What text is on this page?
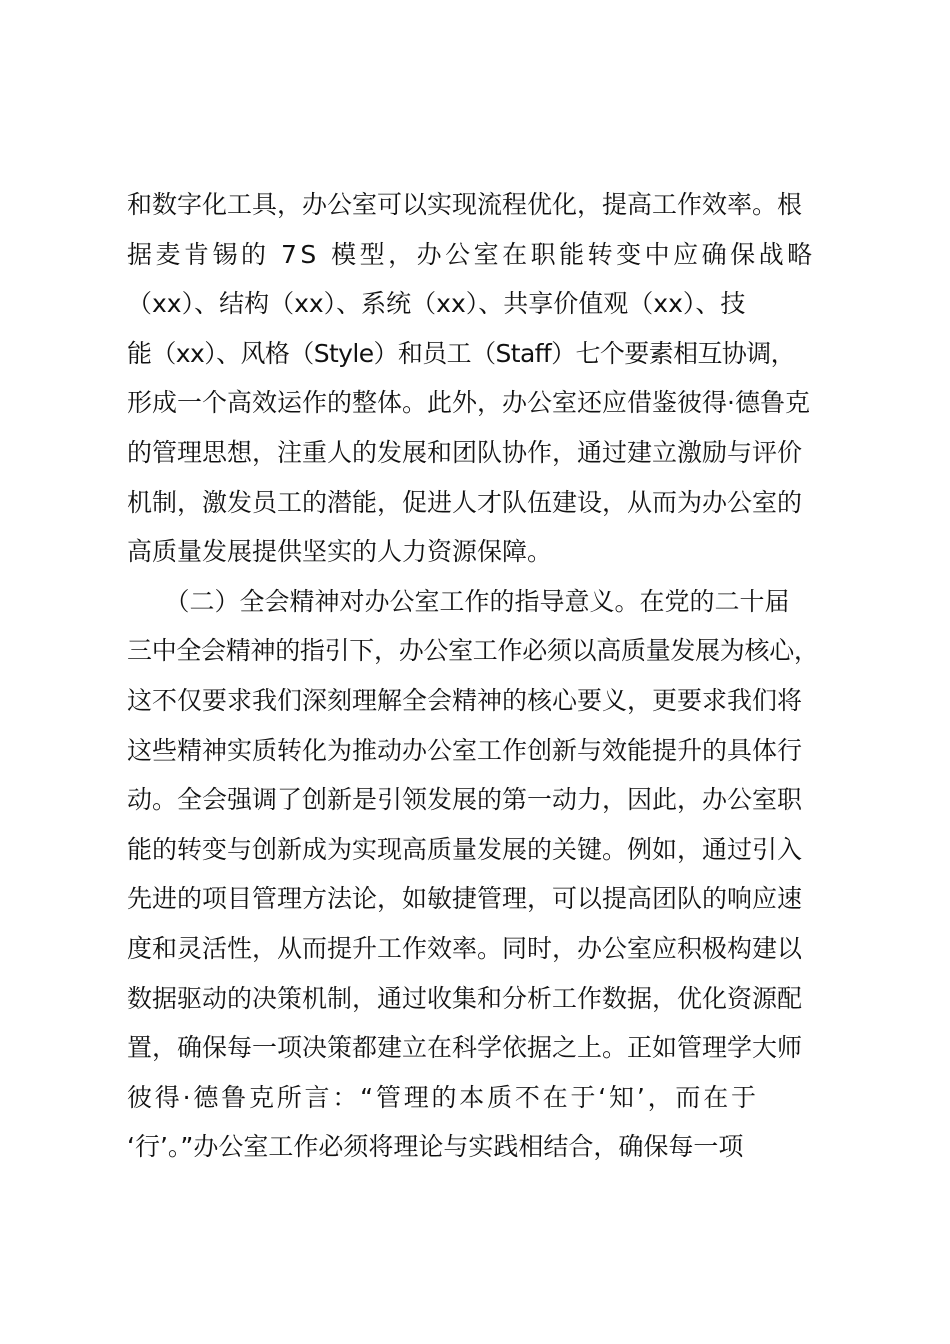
和数字化工具，办公室可以实现流程优化，提高工作效率。根
据麦肯锡的 7S 模型，办公室在职能转变中应确保战略
（xx）、结构（xx）、系统（xx）、共享价值观（xx）、技
能（xx）、风格（Style）和员工（Staff）七个要素相互协调，
形成一个高效运作的整体。此外，办公室还应借鉴彼得·德鲁克
的管理思想，注重人的发展和团队协作，通过建立激励与评价
机制，激发员工的潜能，促进人才队伍建设，从而为办公室的
高质量发展提供坚实的人力资源保障。
　　（二）全会精神对办公室工作的指导意义。在党的二十届
三中全会精神的指引下，办公室工作必须以高质量发展为核心，
这不仅要求我们深刻理解全会精神的核心要义，更要求我们将
这些精神实质转化为推动办公室工作创新与效能提升的具体行
动。全会强调了创新是引领发展的第一动力，因此，办公室职
能的转变与创新成为实现高质量发展的关键。例如，通过引入
先进的项目管理方法论，如敏捷管理，可以提高团队的响应速
度和灵活性，从而提升工作效率。同时，办公室应积极构建以
数据驱动的决策机制，通过收集和分析工作数据，优化资源配
置，确保每一项决策都建立在科学依据之上。正如管理学大师
彼得·德鲁克所言：“管理的本质不在于‘知’，而在于
‘行’。”办公室工作必须将理论与实践相结合，确保每一项
